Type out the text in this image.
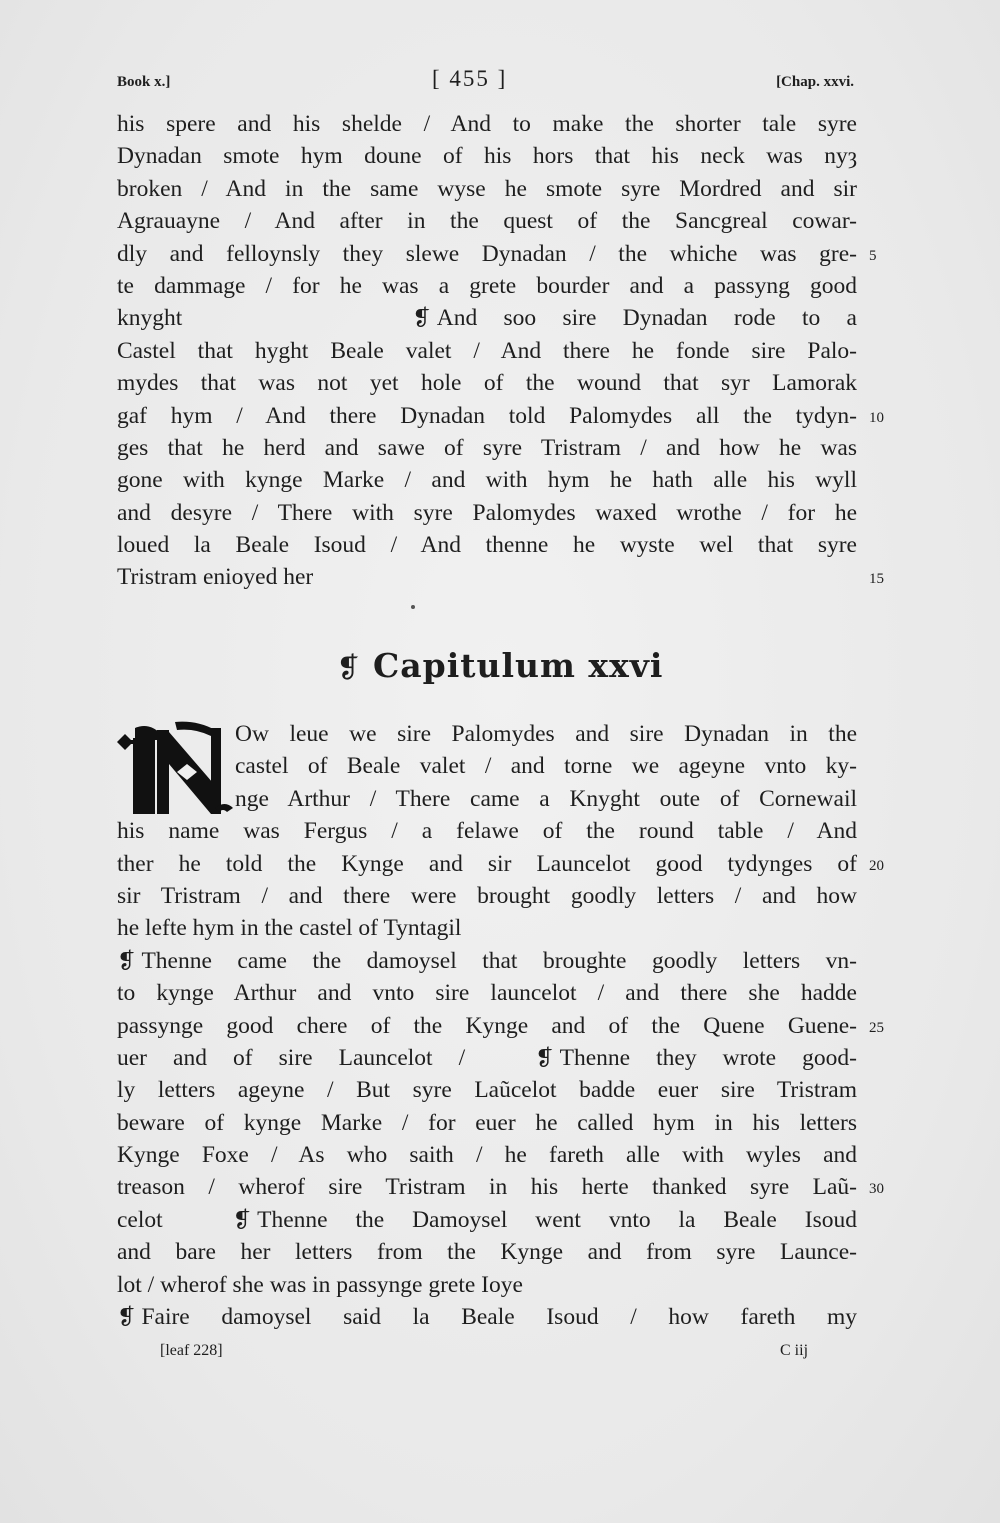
Book x.]	[ 455 ]	[Chap. xxvi.
his spere and his shelde / And to make the shorter tale syre
Dynadan smote hym doune of his hors that his neck was nyȝ
broken / And in the same wyse he smote syre Mordred and sir
Agrauayne / And after in the quest of the Sancgreal cowar-
dly and felloynsly they slewe Dynadan / the whiche was gre- 5
te dammage / for he was a grete bourder and a passyng good
knyght	❡ And soo sire Dynadan rode to a
Castel that hyght Beale valet / And there he fonde sire Palo-
mydes that was not yet hole of the wound that syr Lamorak
gaf hym / And there Dynadan told Palomydes all the tydyn- 10
ges that he herd and sawe of syre Tristram / and how he was
gone with kynge Marke / and with hym he hath alle his wyll
and desyre / There with syre Palomydes waxed wrothe / for he
loued la Beale Isoud / And thenne he wyste wel that syre
Tristram enioyed her	15
❡ Capitulum xxvi
Ow leue we sire Palomydes and sire Dynadan in the
castel of Beale valet / and torne we ageyne vnto ky-
nge Arthur / There came a Knyght oute of Cornewail
his name was Fergus / a felawe of the round table / And
ther he told the Kynge and sir Launcelot good tydynges of 20
sir Tristram / and there were brought goodly letters / and how
he lefte hym in the castel of Tyntagil
❡ Thenne came the damoysel that broughte goodly letters vn-
to kynge Arthur and vnto sire launcelot / and there she hadde
passynge good chere of the Kynge and of the Quene Guene- 25
uer and of sire Launcelot /	❡ Thenne they wrote good-
ly letters ageyne / But syre Laũcelot badde euer sire Tristram
beware of kynge Marke / for euer he called hym in his letters
Kynge Foxe / As who saith / he fareth alle with wyles and
treason / wherof sire Tristram in his herte thanked syre Laũ- 30
celot	❡ Thenne the Damoysel went vnto la Beale Isoud
and bare her letters from the Kynge and from syre Launce-
lot / wherof she was in passynge grete Ioye
❡ Faire damoysel said la Beale Isoud / how fareth my
[leaf 228]	C iij
